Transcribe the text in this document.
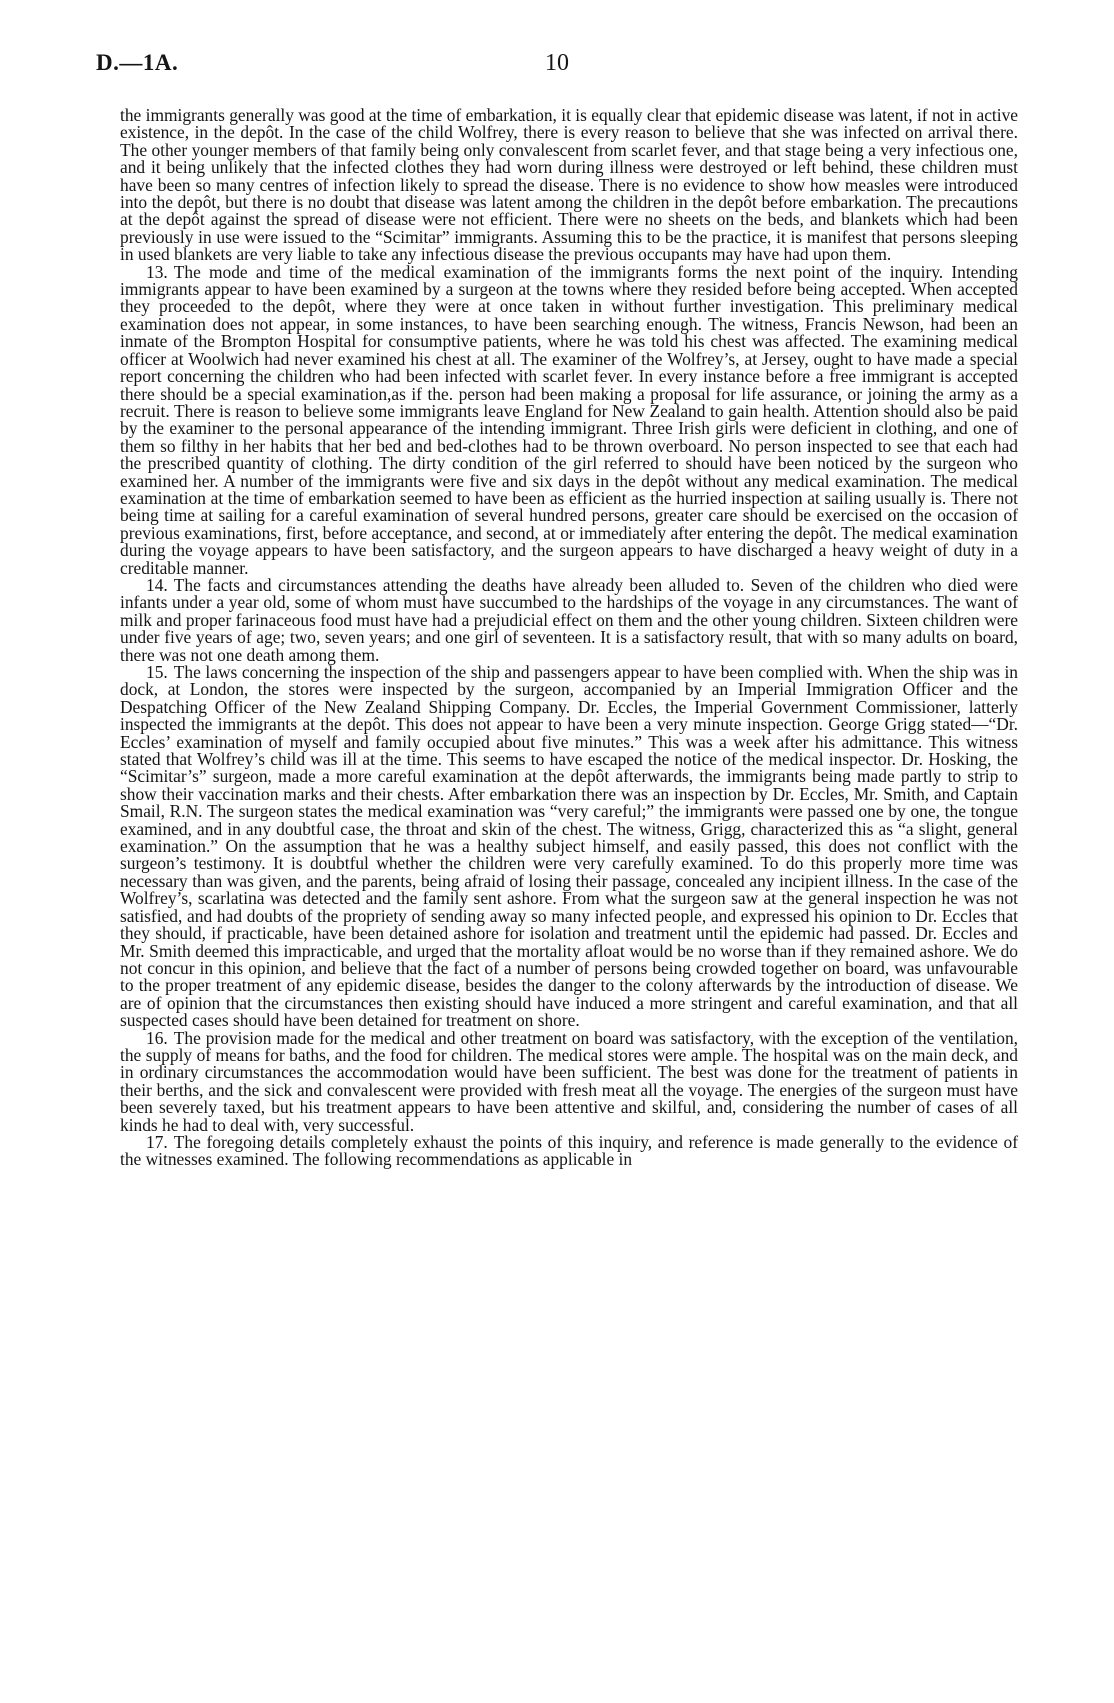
D.—1A.	10

the immigrants generally was good at the time of embarkation, it is equally clear that epidemic disease was latent, if not in active existence, in the depôt. In the case of the child Wolfrey, there is every reason to believe that she was infected on arrival there. The other younger members of that family being only convalescent from scarlet fever, and that stage being a very infectious one, and it being unlikely that the infected clothes they had worn during illness were destroyed or left behind, these children must have been so many centres of infection likely to spread the disease. There is no evidence to show how measles were introduced into the depôt, but there is no doubt that disease was latent among the children in the depôt before embarkation. The precautions at the depôt against the spread of disease were not efficient. There were no sheets on the beds, and blankets which had been previously in use were issued to the “Scimitar” immigrants. Assuming this to be the practice, it is manifest that persons sleeping in used blankets are very liable to take any infectious disease the previous occupants may have had upon them.

13. The mode and time of the medical examination of the immigrants forms the next point of the inquiry. Intending immigrants appear to have been examined by a surgeon at the towns where they resided before being accepted. When accepted they proceeded to the depôt, where they were at once taken in without further investigation. This preliminary medical examination does not appear, in some instances, to have been searching enough. The witness, Francis Newson, had been an inmate of the Brompton Hospital for consumptive patients, where he was told his chest was affected. The examining medical officer at Woolwich had never examined his chest at all. The examiner of the Wolfrey’s, at Jersey, ought to have made a special report concerning the children who had been infected with scarlet fever. In every instance before a free immigrant is accepted there should be a special examination,as if the. person had been making a proposal for life assurance, or joining the army as a recruit. There is reason to believe some immigrants leave England for New Zealand to gain health. Attention should also be paid by the examiner to the personal appearance of the intending immigrant. Three Irish girls were deficient in clothing, and one of them so filthy in her habits that her bed and bed-clothes had to be thrown overboard. No person inspected to see that each had the prescribed quantity of clothing. The dirty condition of the girl referred to should have been noticed by the surgeon who examined her. A number of the immigrants were five and six days in the depôt without any medical examination. The medical examination at the time of embarkation seemed to have been as efficient as the hurried inspection at sailing usually is. There not being time at sailing for a careful examination of several hundred persons, greater care should be exercised on the occasion of previous examinations, first, before acceptance, and second, at or immediately after entering the depôt. The medical examination during the voyage appears to have been satisfactory, and the surgeon appears to have discharged a heavy weight of duty in a creditable manner.

14. The facts and circumstances attending the deaths have already been alluded to. Seven of the children who died were infants under a year old, some of whom must have succumbed to the hardships of the voyage in any circumstances. The want of milk and proper farinaceous food must have had a prejudicial effect on them and the other young children. Sixteen children were under five years of age; two, seven years; and one girl of seventeen. It is a satisfactory result, that with so many adults on board, there was not one death among them.

15. The laws concerning the inspection of the ship and passengers appear to have been complied with. When the ship was in dock, at London, the stores were inspected by the surgeon, accompanied by an Imperial Immigration Officer and the Despatching Officer of the New Zealand Shipping Company. Dr. Eccles, the Imperial Government Commissioner, latterly inspected the immigrants at the depôt. This does not appear to have been a very minute inspection. George Grigg stated—“Dr. Eccles’ examination of myself and family occupied about five minutes.” This was a week after his admittance. This witness stated that Wolfrey’s child was ill at the time. This seems to have escaped the notice of the medical inspector. Dr. Hosking, the “Scimitar’s” surgeon, made a more careful examination at the depôt afterwards, the immigrants being made partly to strip to show their vaccination marks and their chests. After embarkation there was an inspection by Dr. Eccles, Mr. Smith, and Captain Smail, R.N. The surgeon states the medical examination was “very careful;” the immigrants were passed one by one, the tongue examined, and in any doubtful case, the throat and skin of the chest. The witness, Grigg, characterized this as “a slight, general examination.” On the assumption that he was a healthy subject himself, and easily passed, this does not conflict with the surgeon’s testimony. It is doubtful whether the children were very carefully examined. To do this properly more time was necessary than was given, and the parents, being afraid of losing their passage, concealed any incipient illness. In the case of the Wolfrey’s, scarlatina was detected and the family sent ashore. From what the surgeon saw at the general inspection he was not satisfied, and had doubts of the propriety of sending away so many infected people, and expressed his opinion to Dr. Eccles that they should, if practicable, have been detained ashore for isolation and treatment until the epidemic had passed. Dr. Eccles and Mr. Smith deemed this impracticable, and urged that the mortality afloat would be no worse than if they remained ashore. We do not concur in this opinion, and believe that the fact of a number of persons being crowded together on board, was unfavourable to the proper treatment of any epidemic disease, besides the danger to the colony afterwards by the introduction of disease. We are of opinion that the circumstances then existing should have induced a more stringent and careful examination, and that all suspected cases should have been detained for treatment on shore.

16. The provision made for the medical and other treatment on board was satisfactory, with the exception of the ventilation, the supply of means for baths, and the food for children. The medical stores were ample. The hospital was on the main deck, and in ordinary circumstances the accommodation would have been sufficient. The best was done for the treatment of patients in their berths, and the sick and convalescent were provided with fresh meat all the voyage. The energies of the surgeon must have been severely taxed, but his treatment appears to have been attentive and skilful, and, considering the number of cases of all kinds he had to deal with, very successful.

17. The foregoing details completely exhaust the points of this inquiry, and reference is made generally to the evidence of the witnesses examined. The following recommendations as applicable in
